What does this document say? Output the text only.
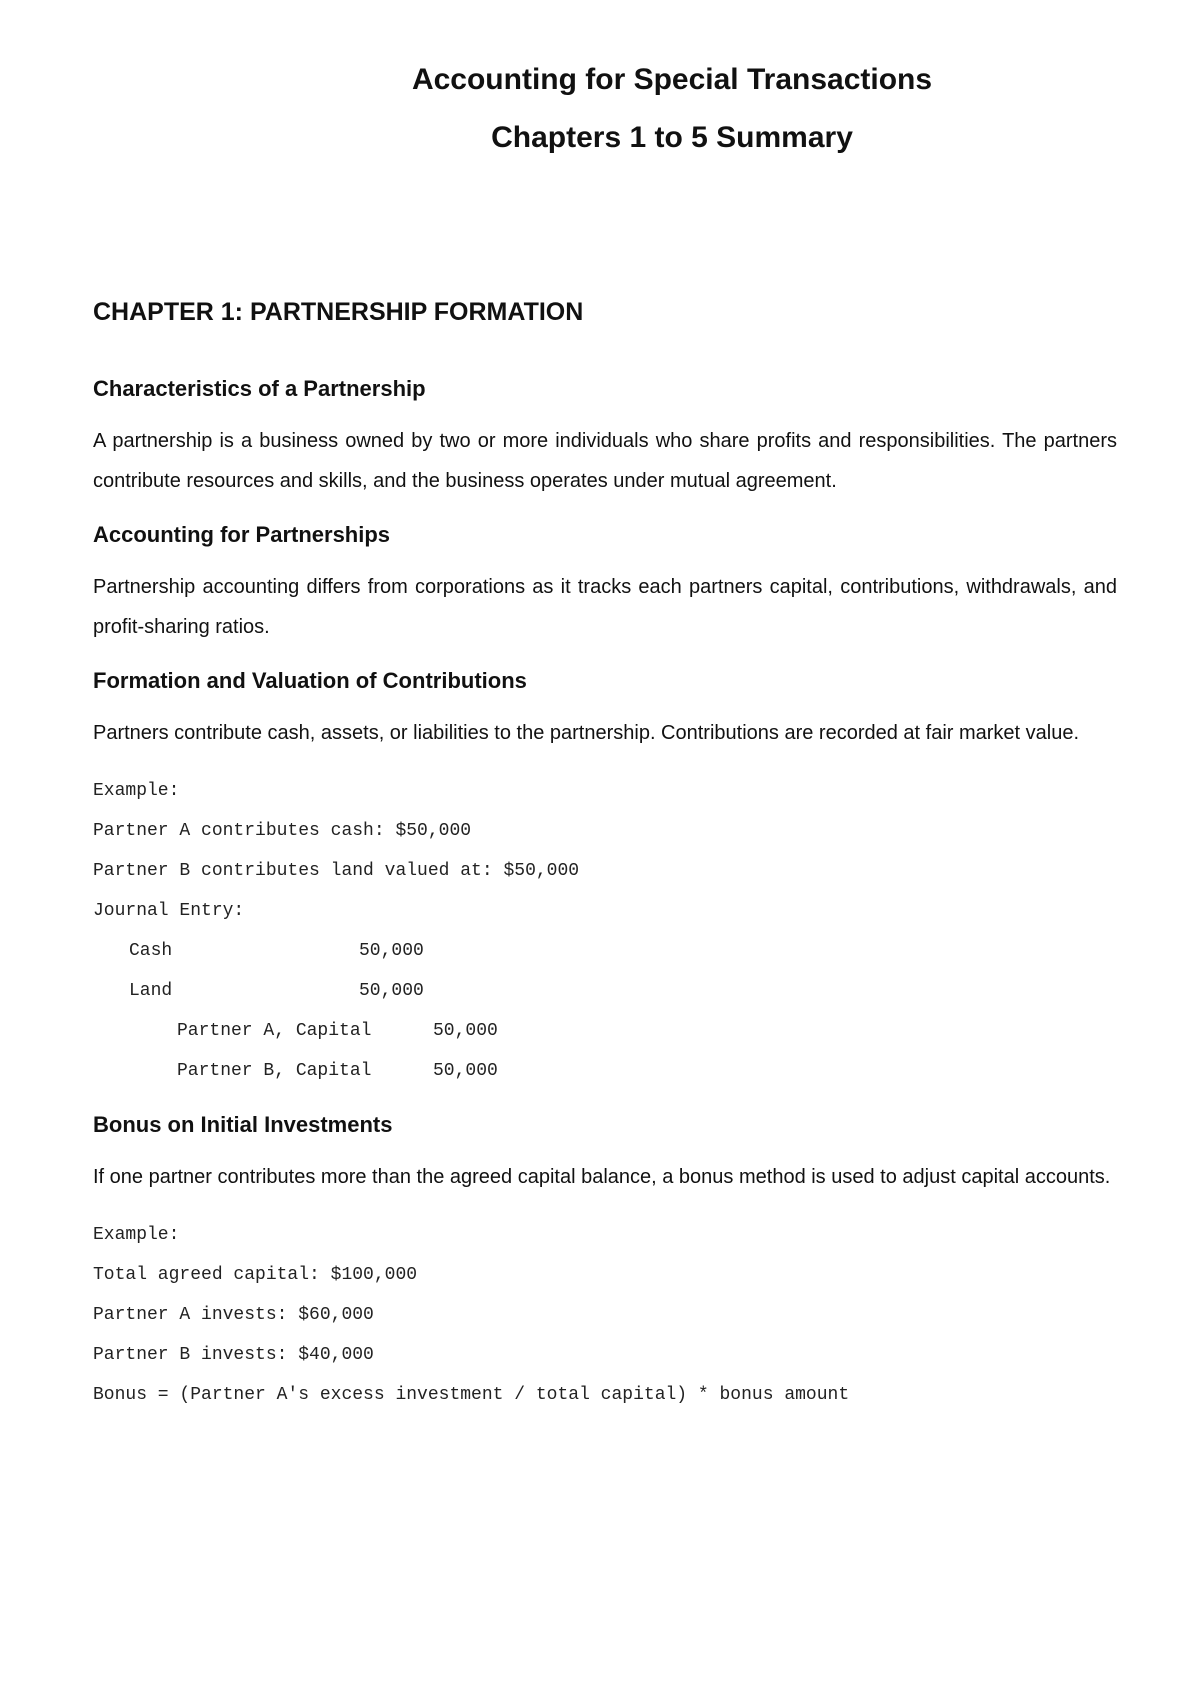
Accounting for Special Transactions
Chapters 1 to 5 Summary
CHAPTER 1: PARTNERSHIP FORMATION
Characteristics of a Partnership

A partnership is a business owned by two or more individuals who share profits and responsibilities. The partners contribute resources and skills, and the business operates under mutual agreement.

Accounting for Partnerships

Partnership accounting differs from corporations as it tracks each partners capital, contributions, withdrawals, and profit-sharing ratios.

Formation and Valuation of Contributions

Partners contribute cash, assets, or liabilities to the partnership. Contributions are recorded at fair market value.

Example:

Partner A contributes cash: $50,000

Partner B contributes land valued at: $50,000

Journal Entry:

Cash	50,000

Land	50,000

Partner A, Capital	50,000

Partner B, Capital	50,000

Bonus on Initial Investments

If one partner contributes more than the agreed capital balance, a bonus method is used to adjust capital accounts.

Example:

Total agreed capital: $100,000

Partner A invests: $60,000

Partner B invests: $40,000

Bonus = (Partner A's excess investment / total capital) * bonus amount
